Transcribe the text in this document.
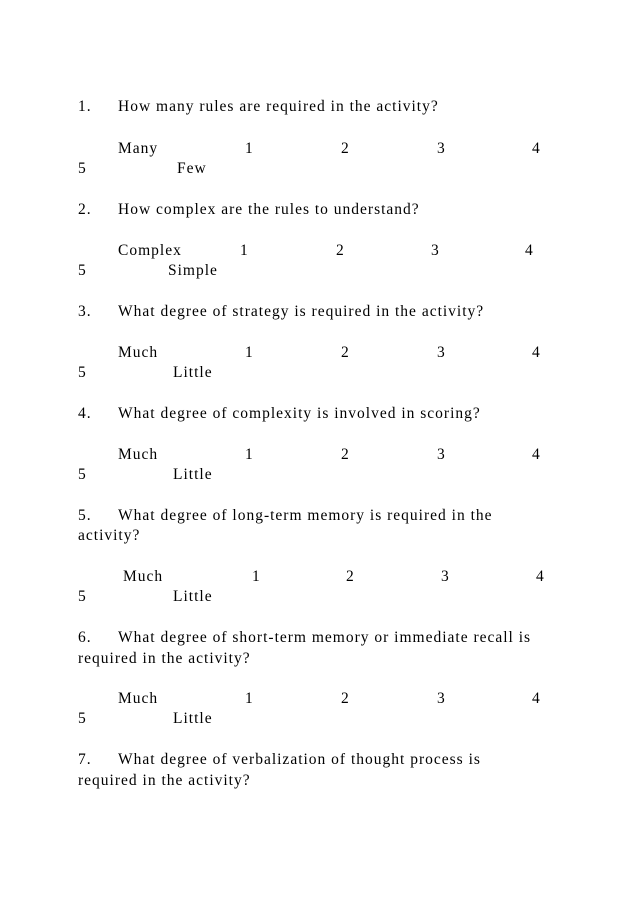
1. How many rules are required in the activity?
Many	1	2	3	4
5	Few
2. How complex are the rules to understand?
Complex	1	2	3	4
5	Simple
3. What degree of strategy is required in the activity?
Much	1	2	3	4
5	Little
4. What degree of complexity is involved in scoring?
Much	1	2	3	4
5	Little
5. What degree of long-term memory is required in the
activity?
Much	1	2	3	4
5	Little
6. What degree of short-term memory or immediate recall is
required in the activity?
Much	1	2	3	4
5	Little
7. What degree of verbalization of thought process is
required in the activity?
